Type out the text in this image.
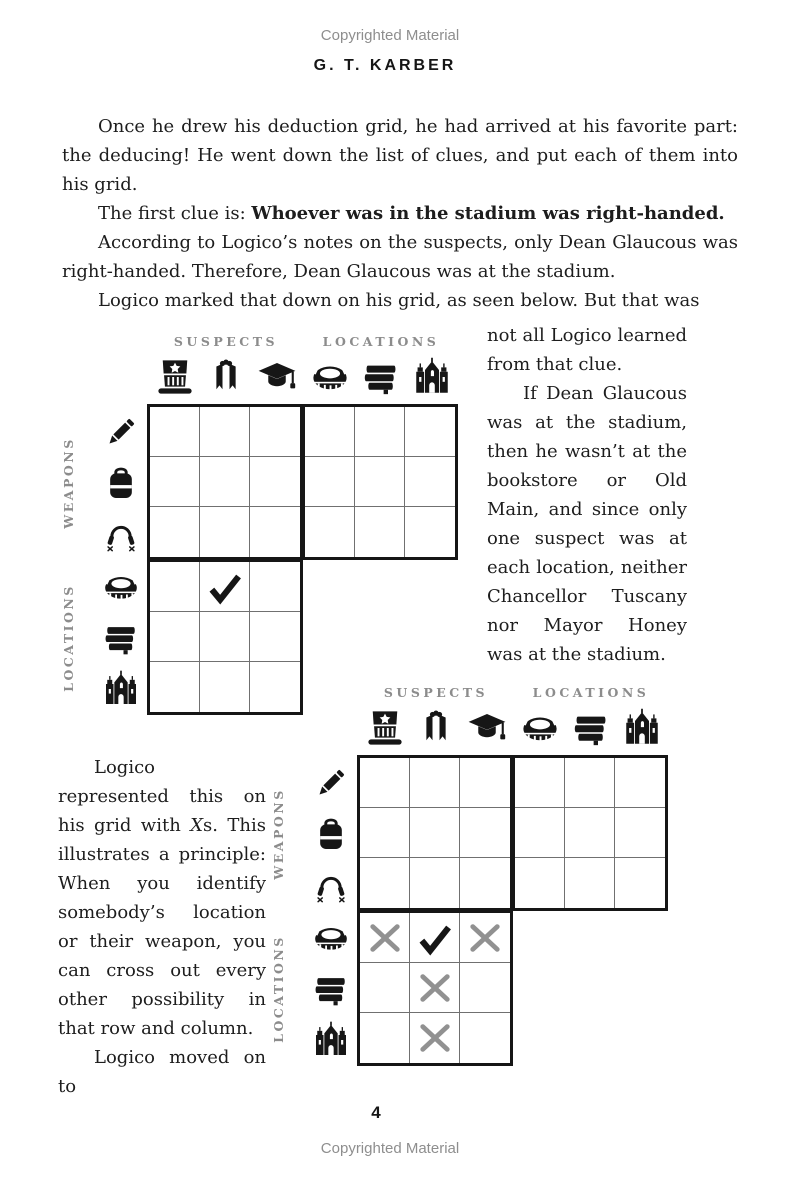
Copyrighted Material
G. T. KARBER

Once he drew his deduction grid, he had arrived at his favorite part: the deducing! He went down the list of clues, and put each of them into his grid.

The first clue is: Whoever was in the stadium was right-handed.

According to Logico’s notes on the suspects, only Dean Glaucous was right-handed. Therefore, Dean Glaucous was at the stadium.

Logico marked that down on his grid, as seen below. But that was

not all Logico learned from that clue.

If Dean Glaucous was at the stadium, then he wasn’t at the bookstore or Old Main, and since only one suspect was at each location, neither Chancellor Tuscany nor Mayor Honey was at the stadium.

Logico represented this on his grid with Xs. This illustrates a principle: When you identify somebody’s location or their weapon, you can cross out every other possibility in that row and column.

Logico moved on to

SUSPECTS	LOCATIONS
WEAPONS
LOCATIONS
SUSPECTS	LOCATIONS
WEAPONS
LOCATIONS
4
Copyrighted Material
